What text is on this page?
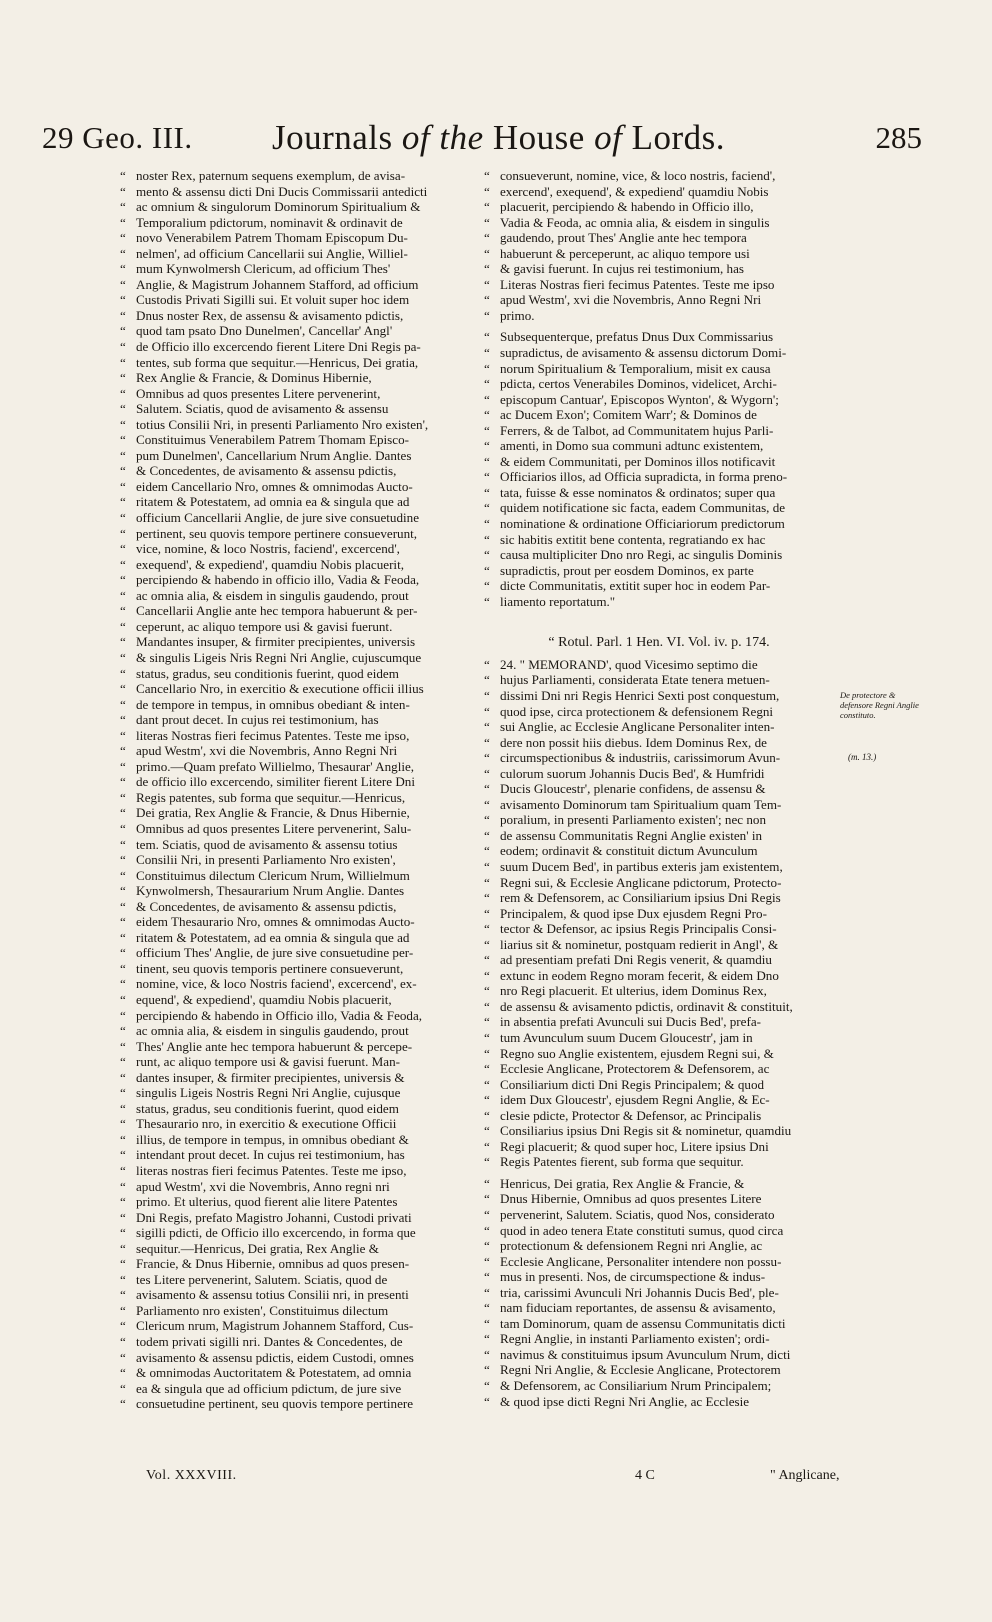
29 Geo. III. Journals of the House of Lords.	285
“ noster Rex, paternum sequens exemplum, de avisa-
“ mento & assensu dicti Dni Ducis Commissarii antedicti
“ ac omnium & singulorum Dominorum Spiritualium &
“ Temporalium pdictorum, nominavit & ordinavit de
“ novo Venerabilem Patrem Thomam Episcopum Du-
“ nelmen', ad officium Cancellarii sui Anglie, Williel-
“ mum Kynwolmersh Clericum, ad officium Thes'
“ Anglie, & Magistrum Johannem Stafford, ad officium
“ Custodis Privati Sigilli sui. Et voluit super hoc idem
“ Dnus noster Rex, de assensu & avisamento pdictis,
“ quod tam psato Dno Dunelmen', Cancellar' Angl'
“ de Officio illo excercendo fierent Litere Dni Regis pa-
“ tentes, sub forma que sequitur.—Henricus, Dei gratia,
“ Rex Anglie & Francie, & Dominus Hibernie,
“ Omnibus ad quos presentes Litere pervenerint,
“ Salutem. Sciatis, quod de avisamento & assensu
“ totius Consilii Nri, in presenti Parliamento Nro existen',
“ Constituimus Venerabilem Patrem Thomam Episco-
“ pum Dunelmen', Cancellarium Nrum Anglie. Dantes
“ & Concedentes, de avisamento & assensu pdictis,
“ eidem Cancellario Nro, omnes & omnimodas Aucto-
“ ritatem & Potestatem, ad omnia ea & singula que ad
“ officium Cancellarii Anglie, de jure sive consuetudine
“ pertinent, seu quovis tempore pertinere consueverunt,
“ vice, nomine, & loco Nostris, faciend', excercend',
“ exequend', & expediend', quamdiu Nobis placuerit,
“ percipiendo & habendo in officio illo, Vadia & Feoda,
“ ac omnia alia, & eisdem in singulis gaudendo, prout
“ Cancellarii Anglie ante hec tempora habuerunt & per-
“ ceperunt, ac aliquo tempore usi & gavisi fuerunt.
“ Mandantes insuper, & firmiter precipientes, universis
“ & singulis Ligeis Nris Regni Nri Anglie, cujuscumque
“ status, gradus, seu conditionis fuerint, quod eidem
“ Cancellario Nro, in exercitio & executione officii illius
“ de tempore in tempus, in omnibus obediant & inten-
“ dant prout decet. In cujus rei testimonium, has
“ literas Nostras fieri fecimus Patentes. Teste me ipso,
“ apud Westm', xvi die Novembris, Anno Regni Nri
“ primo.—Quam prefato Willielmo, Thesaurar' Anglie,
“ de officio illo excercendo, similiter fierent Litere Dni
“ Regis patentes, sub forma que sequitur.—Henricus,
“ Dei gratia, Rex Anglie & Francie, & Dnus Hibernie,
“ Omnibus ad quos presentes Litere pervenerint, Salu-
“ tem. Sciatis, quod de avisamento & assensu totius
“ Consilii Nri, in presenti Parliamento Nro existen',
“ Constituimus dilectum Clericum Nrum, Willielmum
“ Kynwolmersh, Thesaurarium Nrum Anglie. Dantes
“ & Concedentes, de avisamento & assensu pdictis,
“ eidem Thesaurario Nro, omnes & omnimodas Aucto-
“ ritatem & Potestatem, ad ea omnia & singula que ad
“ officium Thes' Anglie, de jure sive consuetudine per-
“ tinent, seu quovis temporis pertinere consueverunt,
“ nomine, vice, & loco Nostris faciend', excercend', ex-
“ equend', & expediend', quamdiu Nobis placuerit,
“ percipiendo & habendo in Officio illo, Vadia & Feoda,
“ ac omnia alia, & eisdem in singulis gaudendo, prout
“ Thes' Anglie ante hec tempora habuerunt & percepe-
“ runt, ac aliquo tempore usi & gavisi fuerunt. Man-
“ dantes insuper, & firmiter precipientes, universis &
“ singulis Ligeis Nostris Regni Nri Anglie, cujusque
“ status, gradus, seu conditionis fuerint, quod eidem
“ Thesaurario nro, in exercitio & executione Officii
“ illius, de tempore in tempus, in omnibus obediant &
“ intendant prout decet. In cujus rei testimonium, has
“ literas nostras fieri fecimus Patentes. Teste me ipso,
“ apud Westm', xvi die Novembris, Anno regni nri
“ primo. Et ulterius, quod fierent alie litere Patentes
“ Dni Regis, prefato Magistro Johanni, Custodi privati
“ sigilli pdicti, de Officio illo excercendo, in forma que
“ sequitur.—Henricus, Dei gratia, Rex Anglie &
“ Francie, & Dnus Hibernie, omnibus ad quos presen-
“ tes Litere pervenerint, Salutem. Sciatis, quod de
“ avisamento & assensu totius Consilii nri, in presenti
“ Parliamento nro existen', Constituimus dilectum
“ Clericum nrum, Magistrum Johannem Stafford, Cus-
“ todem privati sigilli nri. Dantes & Concedentes, de
“ avisamento & assensu pdictis, eidem Custodi, omnes
“ & omnimodas Auctoritatem & Potestatem, ad omnia
“ ea & singula que ad officium pdictum, de jure sive
“ consuetudine pertinent, seu quovis tempore pertinere
“ consueverunt, nomine, vice, & loco nostris, faciend',
“ exercend', exequend', & expediend' quamdiu Nobis
“ placuerit, percipiendo & habendo in Officio illo,
“ Vadia & Feoda, ac omnia alia, & eisdem in singulis
“ gaudendo, prout Thes' Anglie ante hec tempora
“ habuerunt & perceperunt, ac aliquo tempore usi
“ & gavisi fuerunt. In cujus rei testimonium, has
“ Literas Nostras fieri fecimus Patentes. Teste me ipso
“ apud Westm', xvi die Novembris, Anno Regni Nri
“ primo.
“ Subsequenterque, prefatus Dnus Dux Commissarius
“ supradictus, de avisamento & assensu dictorum Domi-
“ norum Spiritualium & Temporalium, misit ex causa
“ pdicta, certos Venerabiles Dominos, videlicet, Archi-
“ episcopum Cantuar', Episcopos Wynton', & Wygorn';
“ ac Ducem Exon'; Comitem Warr'; & Dominos de
“ Ferrers, & de Talbot, ad Communitatem hujus Parli-
“ amenti, in Domo sua communi adtunc existentem,
“ & eidem Communitati, per Dominos illos notificavit
“ Officiarios illos, ad Officia supradicta, in forma preno-
“ tata, fuisse & esse nominatos & ordinatos; super qua
“ quidem notificatione sic facta, eadem Communitas, de
“ nominatione & ordinatione Officiariorum predictorum
“ sic habitis extitit bene contenta, regratiando ex hac
“ causa multipliciter Dno nro Regi, ac singulis Dominis
“ supradictis, prout per eosdem Dominos, ex parte
“ dicte Communitatis, extitit super hoc in eodem Par-
“ liamento reportatum."
“ Rotul. Parl. 1 Hen. VI. Vol. iv. p. 174.
“ 24. " MEMORAND', quod Vicesimo septimo die
“ hujus Parliamenti, considerata Etate tenera metuen-
“ dissimi Dni nri Regis Henrici Sexti post conquestum,
“ quod ipse, circa protectionem & defensionem Regni
“ sui Anglie, ac Ecclesie Anglicane Personaliter inten-
“ dere non possit hiis diebus. Idem Dominus Rex, de
“ circumspectionibus & industriis, carissimorum Avun-
“ culorum suorum Johannis Ducis Bed', & Humfridi
“ Ducis Gloucestr', plenarie confidens, de assensu &
“ avisamento Dominorum tam Spiritualium quam Tem-
“ poralium, in presenti Parliamento existen'; nec non
“ de assensu Communitatis Regni Anglie existen' in
“ eodem; ordinavit & constituit dictum Avunculum
“ suum Ducem Bed', in partibus exteris jam existentem,
“ Regni sui, & Ecclesie Anglicane pdictorum, Protecto-
“ rem & Defensorem, ac Consiliarium ipsius Dni Regis
“ Principalem, & quod ipse Dux ejusdem Regni Pro-
“ tector & Defensor, ac ipsius Regis Principalis Consi-
“ liarius sit & nominetur, postquam redierit in Angl', &
“ ad presentiam prefati Dni Regis venerit, & quamdiu
“ extunc in eodem Regno moram fecerit, & eidem Dno
“ nro Regi placuerit. Et ulterius, idem Dominus Rex,
“ de assensu & avisamento pdictis, ordinavit & constituit,
“ in absentia prefati Avunculi sui Ducis Bed', prefa-
“ tum Avunculum suum Ducem Gloucestr', jam in
“ Regno suo Anglie existentem, ejusdem Regni sui, &
“ Ecclesie Anglicane, Protectorem & Defensorem, ac
“ Consiliarium dicti Dni Regis Principalem; & quod
“ idem Dux Gloucestr', ejusdem Regni Anglie, & Ec-
“ clesie pdicte, Protector & Defensor, ac Principalis
“ Consiliarius ipsius Dni Regis sit & nominetur, quamdiu
“ Regi placuerit; & quod super hoc, Litere ipsius Dni
“ Regis Patentes fierent, sub forma que sequitur.
“ Henricus, Dei gratia, Rex Anglie & Francie, &
“ Dnus Hibernie, Omnibus ad quos presentes Litere
“ pervenerint, Salutem. Sciatis, quod Nos, considerato
“ quod in adeo tenera Etate constituti sumus, quod circa
“ protectionum & defensionem Regni nri Anglie, ac
“ Ecclesie Anglicane, Personaliter intendere non possu-
“ mus in presenti. Nos, de circumspectione & indus-
“ tria, carissimi Avunculi Nri Johannis Ducis Bed', ple-
“ nam fiduciam reportantes, de assensu & avisamento,
“ tam Dominorum, quam de assensu Communitatis dicti
“ Regni Anglie, in instanti Parliamento existen'; ordi-
“ navimus & constituimus ipsum Avunculum Nrum, dicti
“ Regni Nri Anglie, & Ecclesie Anglicane, Protectorem
“ & Defensorem, ac Consiliarium Nrum Principalem;
“ & quod ipse dicti Regni Nri Anglie, ac Ecclesie
De protectore & defensore Regni Anglie constituto.
(m. 13.)
Vol. XXXVIII.	4 C	" Anglicane,
